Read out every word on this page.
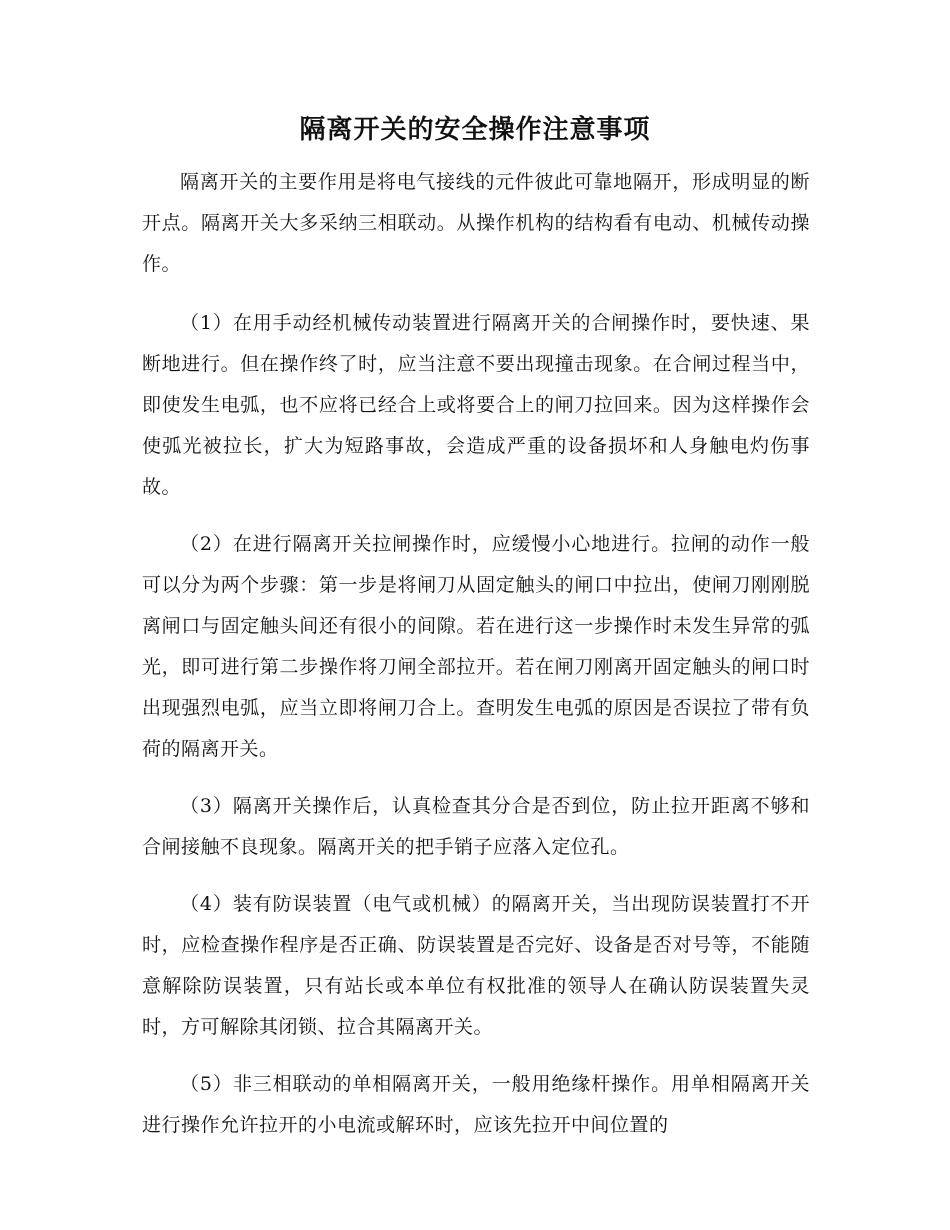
隔离开关的安全操作注意事项

隔离开关的主要作用是将电气接线的元件彼此可靠地隔开，形成明显的断开点。隔离开关大多采纳三相联动。从操作机构的结构看有电动、机械传动操作。

（1）在用手动经机械传动装置进行隔离开关的合闸操作时，要快速、果断地进行。但在操作终了时，应当注意不要出现撞击现象。在合闸过程当中，即使发生电弧，也不应将已经合上或将要合上的闸刀拉回来。因为这样操作会使弧光被拉长，扩大为短路事故，会造成严重的设备损坏和人身触电灼伤事故。

（2）在进行隔离开关拉闸操作时，应缓慢小心地进行。拉闸的动作一般可以分为两个步骤：第一步是将闸刀从固定触头的闸口中拉出，使闸刀刚刚脱离闸口与固定触头间还有很小的间隙。若在进行这一步操作时未发生异常的弧光，即可进行第二步操作将刀闸全部拉开。若在闸刀刚离开固定触头的闸口时出现强烈电弧，应当立即将闸刀合上。查明发生电弧的原因是否误拉了带有负荷的隔离开关。

（3）隔离开关操作后，认真检查其分合是否到位，防止拉开距离不够和合闸接触不良现象。隔离开关的把手销子应落入定位孔。

（4）装有防误装置（电气或机械）的隔离开关，当出现防误装置打不开时，应检查操作程序是否正确、防误装置是否完好、设备是否对号等，不能随意解除防误装置，只有站长或本单位有权批准的领导人在确认防误装置失灵时，方可解除其闭锁、拉合其隔离开关。

（5）非三相联动的单相隔离开关，一般用绝缘杆操作。用单相隔离开关进行操作允许拉开的小电流或解环时，应该先拉开中间位置的
